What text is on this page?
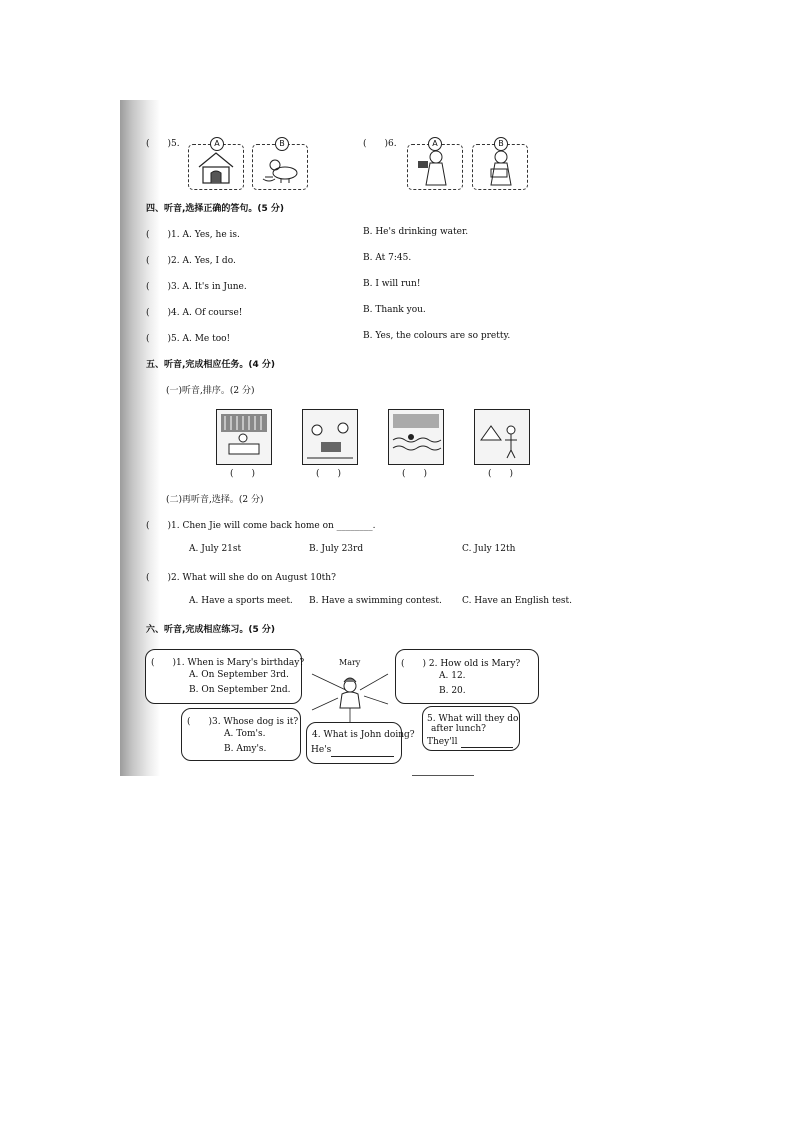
(　　)5.	A	B	(　　)6.	A	B
四、听音,选择正确的答句。(5 分)
(　　)1. A. Yes, he is.	B. He's drinking water.
(　　)2. A. Yes, I do.	B. At 7:45.
(　　)3. A. It's in June.	B. I will run!
(　　)4. A. Of course!	B. Thank you.
(　　)5. A. Me too!	B. Yes, the colours are so pretty.
五、听音,完成相应任务。(4 分)
(一)听音,排序。(2 分)
(　　)	(　　)	(　　)	(　　)
(二)再听音,选择。(2 分)
(　　)1. Chen Jie will come back home on ________.
A. July 21st	B. July 23rd	C. July 12th
(　　)2. What will she do on August 10th?
A. Have a sports meet. B. Have a swimming contest. C. Have an English test.
六、听音,完成相应练习。(5 分)
Mary
(　　)1. When is Mary's birthday?
A. On September 3rd.
B. On September 2nd.
(　　) 2. How old is Mary?
A. 12.
B. 20.
(　　)3. Whose dog is it?
A. Tom's.
B. Amy's.
4. What is John doing?
He's
5. What will they do
after lunch?
They'll
